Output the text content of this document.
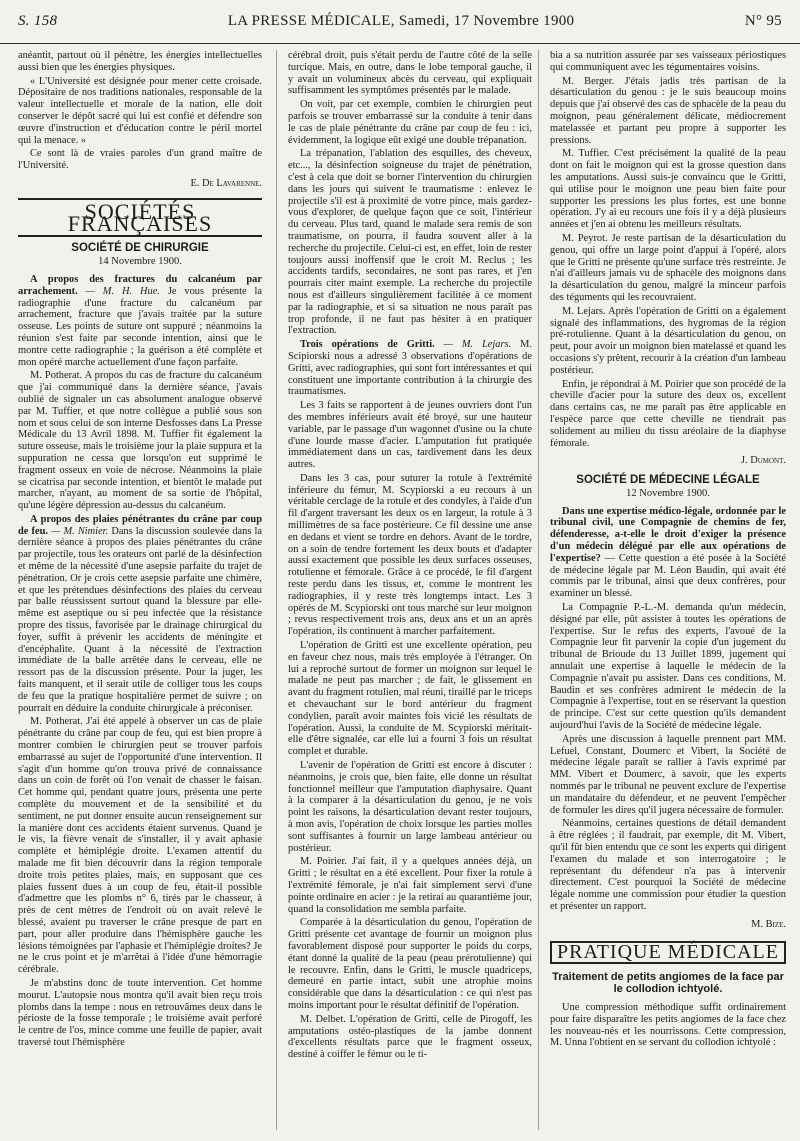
S. 158	LA PRESSE MÉDICALE, Samedi, 17 Novembre 1900	N° 95

anéantit, partout où il pénètre, les énergies intellectuelles aussi bien que les énergies physiques.

« L'Université est désignée pour mener cette croisade. Dépositaire de nos traditions nationales, responsable de la valeur intellectuelle et morale de la nation, elle doit conserver le dépôt sacré qui lui est confié et défendre son œuvre d'instruction et d'éducation contre le péril mortel qui la menace. »

Ce sont là de vraies paroles d'un grand maître de l'Université.

E. De Lavarenne.
SOCIÉTÉS FRANÇAISES
SOCIÉTÉ DE CHIRURGIE
14 Novembre 1900.

A propos des fractures du calcanéum par arrachement. — M. H. Hue. Je vous présente la radiographie d'une fracture du calcanéum par arrachement, fracture que j'avais traitée par la suture osseuse. Les points de suture ont suppuré ; néanmoins la réunion s'est faite par seconde intention, ainsi que le montre cette radiographie ; la guérison a été complète et mon opéré marche actuellement d'une façon parfaite.

M. Potherat. A propos du cas de fracture du calcanéum que j'ai communiqué dans la dernière séance, j'avais oublié de signaler un cas absolument analogue observé par M. Tuffier, et que notre collègue a publié sous son nom et sous celui de son interne Desfosses dans La Presse Médicale du 13 Avril 1898. M. Tuffier fit également la suture osseuse, mais le troisième jour la plaie suppura et la suppuration ne cessa que lorsqu'on eut supprimé le fragment osseux en voie de nécrose. Néanmoins la plaie se cicatrisa par seconde intention, et bientôt le malade put marcher, n'ayant, au moment de sa sortie de l'hôpital, qu'une légère dépression au-dessus du calcanéum.

A propos des plaies pénétrantes du crâne par coup de feu. — M. Nimier. Dans la discussion soulevée dans la dernière séance à propos des plaies pénétrantes du crâne par projectile, tous les orateurs ont parlé de la désinfection et même de la nécessité d'une asepsie parfaite du trajet de pénétration. Or je crois cette asepsie parfaite une chimère, et que les prétendues désinfections des plaies du cerveau par balle réussissent surtout quand la blessure par elle-même est aseptique ou si peu infectée que la résistance propre des tissus, favorisée par le drainage chirurgical du foyer, suffit à prévenir les accidents de méningite et d'encéphalite. Quant à la nécessité de l'extraction immédiate de la balle arrêtée dans le cerveau, elle ne ressort pas de la discussion présente. Pour la juger, les faits manquent, et il serait utile de colliger tous les coups de feu que la pratique hospitalière permet de suivre ; on pourrait en déduire la conduite chirurgicale à préconiser.

M. Potherat. J'ai été appelé à observer un cas de plaie pénétrante du crâne par coup de feu, qui est bien propre à montrer combien le chirurgien peut se trouver parfois embarrassé au sujet de l'opportunité d'une intervention. Il s'agit d'un homme qu'on trouva privé de connaissance dans un coin de forêt où l'on venait de chasser le faisan. Cet homme qui, pendant quatre jours, présenta une perte complète du mouvement et de la sensibilité et du sentiment, ne put donner ensuite aucun renseignement sur la manière dont ces accidents étaient survenus. Quand je le vis, la fièvre venait de s'installer, il y avait aphasie complète et hémiplégie droite. L'examen attentif du malade me fit bien découvrir dans la région temporale droite trois petites plaies, mais, en supposant que ces plaies fussent dues à un coup de feu, était-il possible d'admettre que les plombs n° 6, tirés par le chasseur, à près de cent mètres de l'endroit où on avait relevé le blessé, avaient pu traverser le crâne presque de part en part, pour aller produire dans l'hémisphère gauche les lésions témoignées par l'aphasie et l'hémiplégie droites? Je ne le crus point et je m'arrêtai à l'idée d'une hémorragie cérébrale.

Je m'abstins donc de toute intervention. Cet homme mourut. L'autopsie nous montra qu'il avait bien reçu trois plombs dans la tempe : nous en retrouvâmes deux dans le périoste de la fosse temporale ; le troisième avait perforé le centre de l'os, mince comme une feuille de papier, avait traversé tout l'hémisphère

cérébral droit, puis s'était perdu de l'autre côté de la selle turcique. Mais, en outre, dans le lobe temporal gauche, il y avait un volumineux abcès du cerveau, qui expliquait suffisamment les symptômes présentés par le malade.

On voit, par cet exemple, combien le chirurgien peut parfois se trouver embarrassé sur la conduite à tenir dans le cas de plaie pénétrante du crâne par coup de feu : ici, évidemment, la logique eût exigé une double trépanation.

La trépanation, l'ablation des esquilles, des cheveux, etc..., la désinfection soigneuse du trajet de pénétration, c'est à cela que doit se borner l'intervention du chirurgien dans les jours qui suivent le traumatisme : enlevez le projectile s'il est à proximité de votre pince, mais gardez-vous d'explorer, de quelque façon que ce soit, l'intérieur du cerveau. Plus tard, quand le malade sera remis de son traumatisme, on pourra, il faudra souvent aller à la recherche du projectile. Celui-ci est, en effet, loin de rester toujours aussi inoffensif que le croit M. Reclus ; les accidents tardifs, secondaires, ne sont pas rares, et j'en pourrais citer maint exemple. La recherche du projectile nous est d'ailleurs singulièrement facilitée à ce moment par la radiographie, et si sa situation ne nous paraît pas trop profonde, il ne faut pas hésiter à en pratiquer l'extraction.

Trois opérations de Gritti. — M. Lejars. M. Scipiorski nous a adressé 3 observations d'opérations de Gritti, avec radiographies, qui sont fort intéressantes et qui constituent une importante contribution à la chirurgie des traumatismes.

Les 3 faits se rapportent à de jeunes ouvriers dont l'un des membres inférieurs avait été broyé, sur une hauteur variable, par le passage d'un wagonnet d'usine ou la chute d'une lourde masse d'acier. L'amputation fut pratiquée immédiatement dans un cas, tardivement dans les deux autres.

Dans les 3 cas, pour suturer la rotule à l'extrémité inférieure du fémur, M. Scypiorski a eu recours à un véritable cerclage de la rotule et des condyles, à l'aide d'un fil d'argent traversant les deux os en largeur, la rotule à 3 millimètres de sa face postérieure. Ce fil dessine une anse en dedans et vient se tordre en dehors. Avant de le tordre, on a soin de tendre fortement les deux bouts et d'adapter aussi exactement que possible les deux surfaces osseuses, rotulienne et fémorale. Grâce à ce procédé, le fil d'argent reste perdu dans les tissus, et, comme le montrent les radiographies, il y reste très longtemps intact. Les 3 opérés de M. Scypiorski ont tous marché sur leur moignon ; revus respectivement trois ans, deux ans et un an après l'opération, ils continuent à marcher parfaitement.

L'opération de Gritti est une excellente opération, peu en faveur chez nous, mais très employée à l'étranger. On lui a reproché surtout de former un moignon sur lequel le malade ne peut pas marcher ; de fait, le glissement en avant du fragment rotulien, mal réuni, tiraillé par le triceps et chevauchant sur le bord antérieur du fragment condylien, paraît avoir maintes fois vicié les résultats de l'opération. Aussi, la conduite de M. Scypiorski méritait-elle d'être signalée, car elle lui a fourni 3 fois un résultat complet et durable.

L'avenir de l'opération de Gritti est encore à discuter : néanmoins, je crois que, bien faite, elle donne un résultat fonctionnel meilleur que l'amputation diaphysaire. Quant à la comparer à la désarticulation du genou, je ne vois point les raisons, la désarticulation devant rester toujours, à mon avis, l'opération de choix lorsque les parties molles sont suffisantes à fournir un large lambeau antérieur ou postérieur.

M. Poirier. J'ai fait, il y a quelques années déjà, un Gritti ; le résultat en a été excellent. Pour fixer la rotule à l'extrémité fémorale, je n'ai fait simplement servi d'une pointe ordinaire en acier : je la retirai au quarantième jour, quand la consolidation me sembla parfaite.

Comparée à la désarticulation du genou, l'opération de Gritti présente cet avantage de fournir un moignon plus favorablement disposé pour supporter le poids du corps, étant donné la qualité de la peau (peau prérotulienne) qui le recouvre. Enfin, dans le Gritti, le muscle quadriceps, demeuré en partie intact, subit une atrophie moins considérable que dans la désarticulation : ce qui n'est pas moins important pour le résultat définitif de l'opération.

M. Delbet. L'opération de Gritti, celle de Pirogoff, les amputations ostéo-plastiques de la jambe donnent d'excellents résultats parce que le fragment osseux, destiné à coiffer le fémur ou le ti-

bia a sa nutrition assurée par ses vaisseaux périostiques qui communiquent avec les tégumentaires voisins.

M. Berger. J'étais jadis très partisan de la désarticulation du genou : je le suis beaucoup moins depuis que j'ai observé des cas de sphacèle de la peau du moignon, peau généralement délicate, médiocrement matelassée et partant peu propre à supporter les pressions.

M. Tuffier. C'est précisément la qualité de la peau dont on fait le moignon qui est la grosse question dans les amputations. Aussi suis-je convaincu que le Gritti, qui utilise pour le moignon une peau bien faite pour supporter les pressions les plus fortes, est une bonne opération. J'y ai eu recours une fois il y a déjà plusieurs années et j'en ai obtenu les meilleurs résultats.

M. Peyrot. Je reste partisan de la désarticulation du genou, qui offre un large point d'appui à l'opéré, alors que le Gritti ne présente qu'une surface très restreinte. Je n'ai d'ailleurs jamais vu de sphacèle des moignons dans la désarticulation du genou, malgré la minceur parfois des téguments qui les recouvraient.

M. Lejars. Après l'opération de Gritti on a également signalé des inflammations, des hygromas de la région pré-rotulienne. Quant à la désarticulation du genou, on peut, pour avoir un moignon bien matelassé et quand les occasions s'y prêtent, recourir à la création d'un lambeau postérieur.

Enfin, je répondrai à M. Poirier que son procédé de la cheville d'acier pour la suture des deux os, excellent dans certains cas, ne me paraît pas être applicable en l'espèce parce que cette cheville ne tiendrait pas solidement au milieu du tissu aréolaire de la diaphyse fémorale.

J. Dumont.
SOCIÉTÉ DE MÉDECINE LÉGALE
12 Novembre 1900.

Dans une expertise médico-légale, ordonnée par le tribunal civil, une Compagnie de chemins de fer, défenderesse, a-t-elle le droit d'exiger la présence d'un médecin délégué par elle aux opérations de l'expertise? — Cette question a été posée à la Société de médecine légale par M. Léon Baudin, qui avait été commis par le tribunal, ainsi que deux confrères, pour examiner un blessé.

La Compagnie P.-L.-M. demanda qu'un médecin, désigné par elle, pût assister à toutes les opérations de l'expertise. Sur le refus des experts, l'avoué de la Compagnie leur fit parvenir la copie d'un jugement du tribunal de Brioude du 13 Juillet 1899, jugement qui annulait une expertise à laquelle le médecin de la Compagnie n'avait pu assister. Dans ces conditions, M. Baudin et ses confrères admirent le médecin de la Compagnie à l'expertise, tout en se réservant la question de principe. C'est sur cette question qu'ils demandent aujourd'hui l'avis de la Société de médecine légale.

Après une discussion à laquelle prennent part MM. Lefuel, Constant, Doumerc et Vibert, la Société de médecine légale paraît se rallier à l'avis exprimé par MM. Vibert et Doumerc, à savoir, que les experts nommés par le tribunal ne peuvent exclure de l'expertise un mandataire du défendeur, et ne peuvent l'empêcher de formuler les dires qu'il jugera nécessaire de formuler.

Néanmoins, certaines questions de détail demandent à être réglées ; il faudrait, par exemple, dit M. Vibert, qu'il fût bien entendu que ce sont les experts qui dirigent l'examen du malade et son interrogatoire ; le représentant du défendeur n'a pas à intervenir directement. C'est pourquoi la Société de médecine légale nomme une commission pour étudier la question et présenter un rapport.

M. Bize.
PRATIQUE MÉDICALE
Traitement de petits angiomes de la face par le collodion ichtyolé.

Une compression méthodique suffit ordinairement pour faire disparaître les petits angiomes de la face chez les nouveau-nés et les nourrissons. Cette compression, M. Unna l'obtient en se servant du collodion ichtyolé :
